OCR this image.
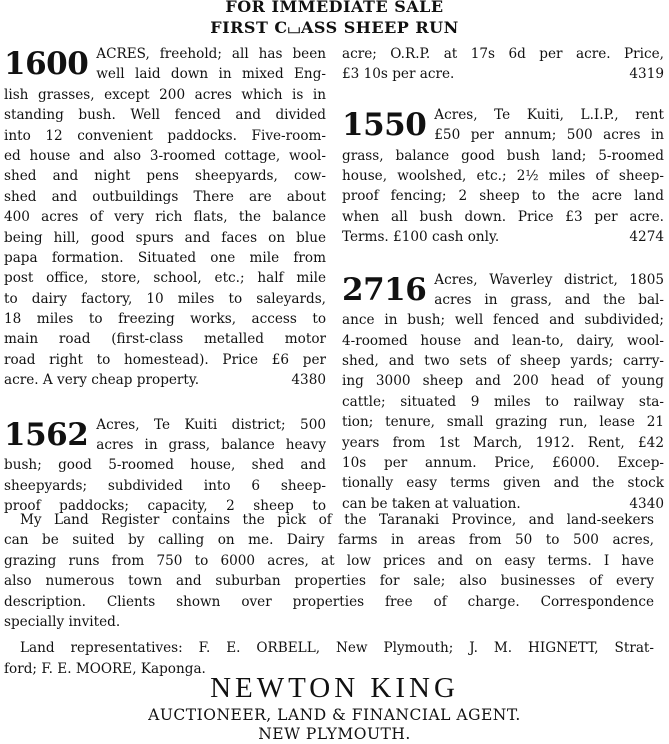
FOR IMMEDIATE SALE
FIRST C⌴ASS SHEEP RUN
1600 ACRES, freehold; all has been
well laid down in mixed Eng-
lish grasses, except 200 acres which is in
standing bush. Well fenced and divided
into 12 convenient paddocks. Five-room-
ed house and also 3-roomed cottage, wool-
shed and night pens sheepyards, cow-
shed and outbuildings There are about
400 acres of very rich flats, the balance
being hill, good spurs and faces on blue
papa formation. Situated one mile from
post office, store, school, etc.; half mile
to dairy factory, 10 miles to saleyards,
18 miles to freezing works, access to
main road (first-class metalled motor
road right to homestead). Price £6 per
acre. A very cheap property.	4380
1562 Acres, Te Kuiti district; 500
acres in grass, balance heavy
bush; good 5-roomed house, shed and
sheepyards; subdivided into 6 sheep-
proof paddocks; capacity, 2 sheep to
acre; O.R.P. at 17s 6d per acre. Price,
£3 10s per acre.	4319
1550 Acres, Te Kuiti, L.I.P., rent
£50 per annum; 500 acres in
grass, balance good bush land; 5-roomed
house, woolshed, etc.; 2½ miles of sheep-
proof fencing; 2 sheep to the acre land
when all bush down. Price £3 per acre.
Terms. £100 cash only.	4274
2716 Acres, Waverley district, 1805
acres in grass, and the bal-
ance in bush; well fenced and subdivided;
4-roomed house and lean-to, dairy, wool-
shed, and two sets of sheep yards; carry-
ing 3000 sheep and 200 head of young
cattle; situated 9 miles to railway sta-
tion; tenure, small grazing run, lease 21
years from 1st March, 1912. Rent, £42
10s per annum. Price, £6000. Excep-
tionally easy terms given and the stock
can be taken at valuation.	4340
My Land Register contains the pick of the Taranaki Province, and land-seekers
can be suited by calling on me. Dairy farms in areas from 50 to 500 acres,
grazing runs from 750 to 6000 acres, at low prices and on easy terms. I have
also numerous town and suburban properties for sale; also businesses of every
description. Clients shown over properties free of charge. Correspondence
specially invited.
Land representatives: F. E. ORBELL, New Plymouth; J. M. HIGNETT, Strat-
ford; F. E. MOORE, Kaponga.
NEWTON KING
AUCTIONEER, LAND & FINANCIAL AGENT.
NEW PLYMOUTH.
